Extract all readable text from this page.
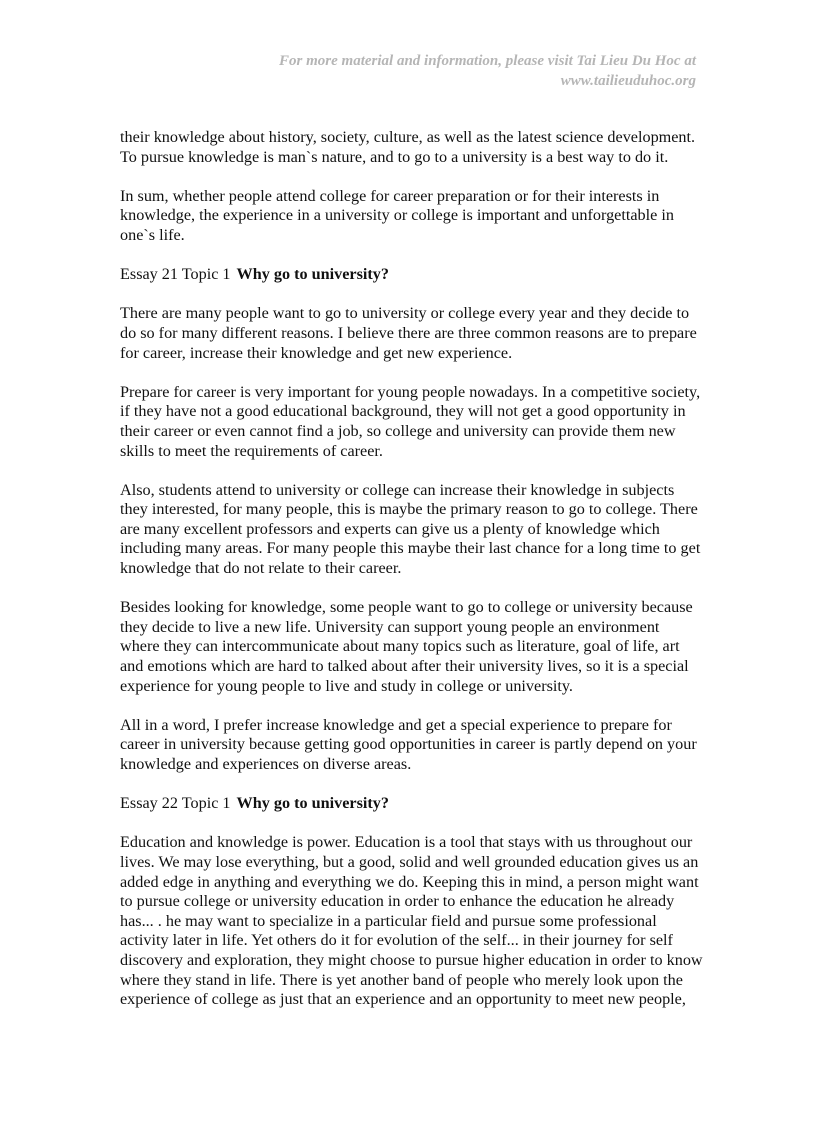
For more material and information, please visit Tai Lieu Du Hoc at
www.tailieuduhoc.org

their knowledge about history, society, culture, as well as the latest science development.
To pursue knowledge is man`s nature, and to go to a university is a best way to do it.

In sum, whether people attend college for career preparation or for their interests in
knowledge, the experience in a university or college is important and unforgettable in
one`s life.

Essay 21 Topic 1 Why go to university?

There are many people want to go to university or college every year and they decide to
do so for many different reasons. I believe there are three common reasons are to prepare
for career, increase their knowledge and get new experience.

Prepare for career is very important for young people nowadays. In a competitive society,
if they have not a good educational background, they will not get a good opportunity in
their career or even cannot find a job, so college and university can provide them new
skills to meet the requirements of career.

Also, students attend to university or college can increase their knowledge in subjects
they interested, for many people, this is maybe the primary reason to go to college. There
are many excellent professors and experts can give us a plenty of knowledge which
including many areas. For many people this maybe their last chance for a long time to get
knowledge that do not relate to their career.

Besides looking for knowledge, some people want to go to college or university because
they decide to live a new life. University can support young people an environment
where they can intercommunicate about many topics such as literature, goal of life, art
and emotions which are hard to talked about after their university lives, so it is a special
experience for young people to live and study in college or university.

All in a word, I prefer increase knowledge and get a special experience to prepare for
career in university because getting good opportunities in career is partly depend on your
knowledge and experiences on diverse areas.

Essay 22 Topic 1 Why go to university?

Education and knowledge is power. Education is a tool that stays with us throughout our
lives. We may lose everything, but a good, solid and well grounded education gives us an
added edge in anything and everything we do. Keeping this in mind, a person might want
to pursue college or university education in order to enhance the education he already
has... . he may want to specialize in a particular field and pursue some professional
activity later in life. Yet others do it for evolution of the self... in their journey for self
discovery and exploration, they might choose to pursue higher education in order to know
where they stand in life. There is yet another band of people who merely look upon the
experience of college as just that an experience and an opportunity to meet new people,
